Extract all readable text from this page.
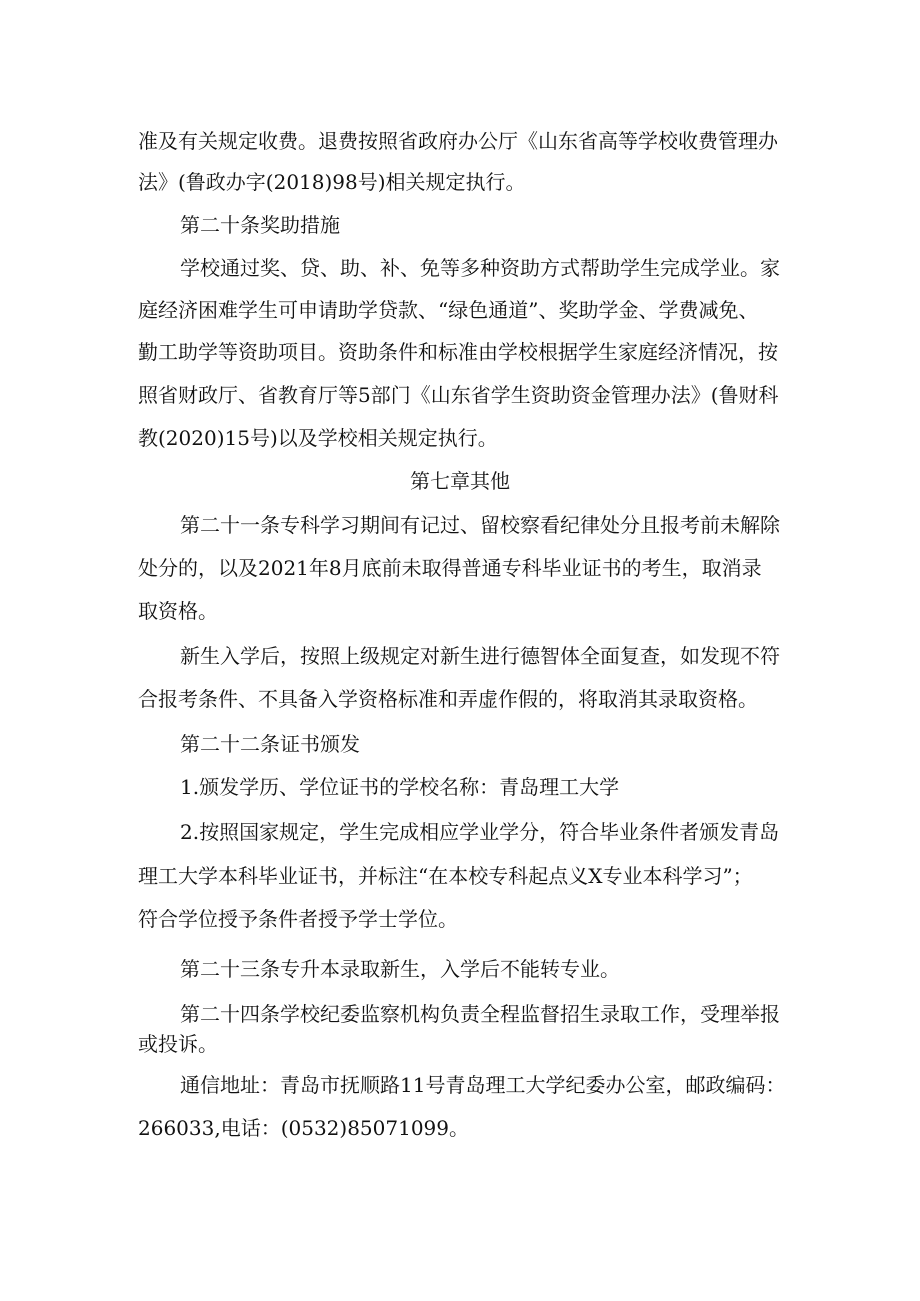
准及有关规定收费。退费按照省政府办公厅《山东省高等学校收费管理办
法》(鲁政办字(2018)98号)相关规定执行。
第二十条奖助措施
学校通过奖、贷、助、补、免等多种资助方式帮助学生完成学业。家
庭经济困难学生可申请助学贷款、“绿色通道”、奖助学金、学费减免、
勤工助学等资助项目。资助条件和标准由学校根据学生家庭经济情况，按
照省财政厅、省教育厅等5部门《山东省学生资助资金管理办法》(鲁财科
教(2020)15号)以及学校相关规定执行。
第七章其他
第二十一条专科学习期间有记过、留校察看纪律处分且报考前未解除
处分的，以及2021年8月底前未取得普通专科毕业证书的考生，取消录
取资格。
新生入学后，按照上级规定对新生进行德智体全面复查，如发现不符
合报考条件、不具备入学资格标准和弄虚作假的，将取消其录取资格。
第二十二条证书颁发
1.颁发学历、学位证书的学校名称：青岛理工大学
2.按照国家规定，学生完成相应学业学分，符合毕业条件者颁发青岛
理工大学本科毕业证书，并标注“在本校专科起点义X专业本科学习”；
符合学位授予条件者授予学士学位。
第二十三条专升本录取新生，入学后不能转专业。
第二十四条学校纪委监察机构负责全程监督招生录取工作，受理举报
或投诉。
通信地址：青岛市抚顺路11号青岛理工大学纪委办公室，邮政编码：
266033,电话：(0532)85071099。
